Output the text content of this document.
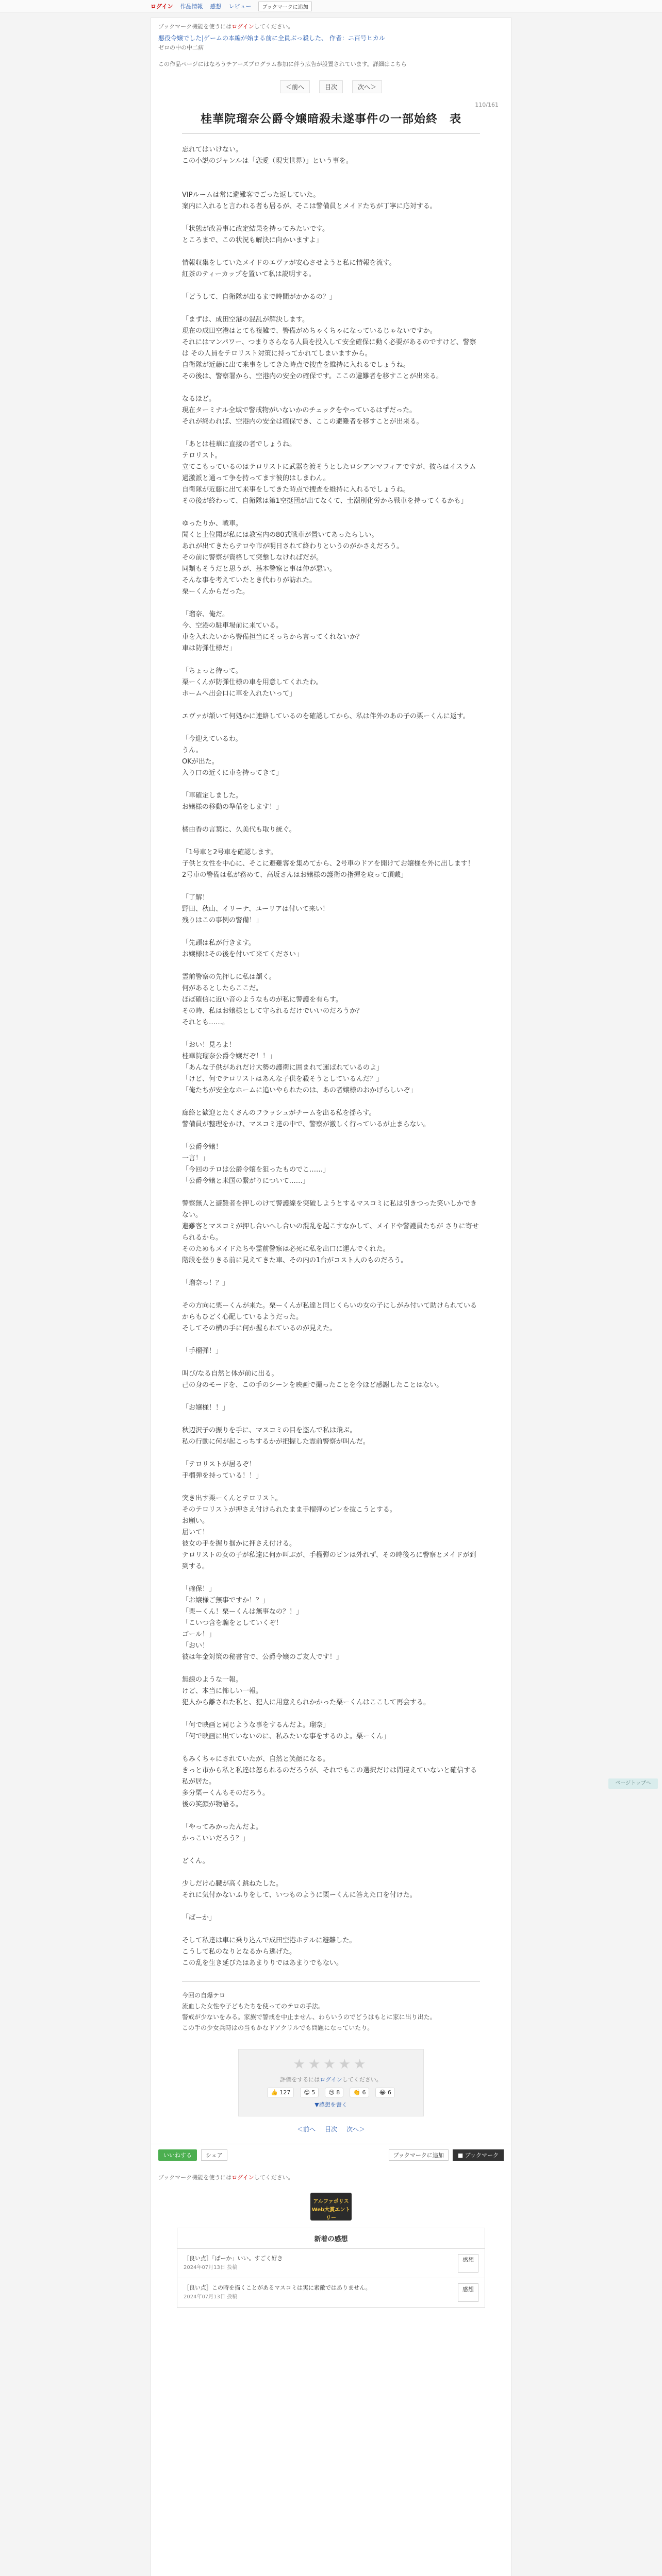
ログイン 作品情報 感想 レビュー	ブックマークに追加
ブックマーク機能を使うにはログインしてください。
悪役令嬢でした|ゲームの本編が始まる前に全員ぶっ殺した、 作者：ニ百号ヒカル
ゼロの中の中二病
この作品ページにはなろうチアーズプログラム参加に伴う広告が設置されています。詳細はこちら
＜前へ	目次	次へ＞
110/161
桂華院瑠奈公爵令嬢暗殺未遂事件の一部始終　表

忘れてはいけない。

この小説のジャンルは「恋愛（現実世界）」という事を。

VIPルームは常に避難客でごった返していた。

案内に入れると言われる者も居るが、そこは警備員とメイドたちが丁寧に応対する。

「状態が改善事に改定結果を持ってみたいです。

ところまで、この状況も解決に向かいますよ」

情報収集をしていたメイドのエヴァが安心させようと私に情報を流す。

紅茶のティーカップを置いて私は説明する。

「どうして、自衛隊が出るまで時間がかかるの？」

「まずは、成田空港の混乱が解決します。

現在の成田空港はとても複雑で、警備がめちゃくちゃになっているじゃないですか。

それにはマンパワー、つまりさらなる人員を投入して安全確保に動く必要があるのですけど、警察は その人員をテロリスト対策に持ってかれてしまいますから。

自衛隊が近藤に出て来事をしてきた時点で捜査を維持に入れるでしょうね。

その後は、警察署から、空港内の安全の確保です。ここの避難者を移すことが出来る。

なるほど。

現在ターミナル全域で警戒物がいないかのチェックをやっているはずだった。

それが終われば、空港内の安全は確保でき、ここの避難者を移すことが出来る。

「あとは桂華に直接の者でしょうね。

テロリスト。

立てこもっているのはテロリストに武器を渡そうとしたロシアンマフィアですが、彼らはイスラム過激派と通って争を持ってます彼的はしまわん。

自衛隊が近藤に出て来事をしてきた時点で捜査を維持に入れるでしょうね。

その後が終わって、自衛隊は第1空挺団が出てなくて、士潮別化労から戦車を持ってくるかも」

ゆったりか、戦車。

聞くと上位聞が私には教室内の80式戦車が置いてあったらしい。

あれが出てきたらテロや市が明日されて終わりというのがかさえだろう。

その前に警察が資格して突撃しなければだが。

同類もそうだと思うが、基本警察と事は仲が悪い。

そんな事を考えていたとき代わりが訪れた。

栗ーくんからだった。

「瑠奈、俺だ。

今、空港の駐車場前に来ている。

車を入れたいから警備担当にそっちから言ってくれないか？

車は防弾仕様だ」

「ちょっと待って。

栗ーくんが防弾仕様の車を用意してくれたわ。

ホームへ出会口に車を入れたいって」

エヴァが頷いて何処かに連絡しているのを確認してから、私は伴外のあの子の栗ーくんに返す。

「今迎えているわ。

うん。

OKが出た。

入り口の近くに車を持ってきて」

「車確定しました。

お嬢様の移動の準備をします！」

橘由香の言葉に、久美代も取り統ぐ。

「1号車と2号車を確認します。

子供と女性を中心に、そこに避難客を集めてから、2号車のドアを開けてお嬢様を外に出します！

2号車の警備は私が務めて、高坂さんはお嬢様の護衛の指揮を取って頂戴」

「了解！

野田、秋山、イリーナ、ユーリアは付いて来い！

残りはこの事例の警備！」

「先頭は私が行きます。

お嬢様はその後を付いて来てください」

霊前警察の先押しに私は頷く。

何があるとしたらここだ。

ほぼ確信に近い音のようなものが私に警護を有らす。

その時、私はお嬢様として守られるだけでいいのだろうか？

それとも……。

「おい！見ろよ！

桂華院瑠奈公爵令嬢だぞ！！」

「あんな子供があれだけ大勢の護衛に囲まれて運ばれているのよ」

「けど、何でテロリストはあんな子供を殺そうとしているんだ？」

「俺たちが安全なホームに追いやられたのは、あの者嬢様のおかげらしいぞ」

廊絡と歓迎とたくさんのフラッシュがチームを出る私を揺らす。

警備員が整理をかけ、マスコミ達の中で、警察が激しく行っているが止まらない。

「公爵令嬢！

一言！」

「今回のテロは公爵令嬢を狙ったものでこ……」

「公爵令嬢と米国の繋がりについて……」

警察無人と避難者を押しのけて警護線を突破しようとするマスコミに私は引きつった笑いしかできない。

避難客とマスコミが押し合いへし合いの混乱を起こすなかして、メイドや警護員たちが さりに寄せられるから。

そのためもメイドたちや霊前警察は必死に私を出口に運んでくれた。

階段を登りきる前に見えてきた車、その内の1台がコスト人のものだろう。

「瑠奈っ！？」

その方向に栗ーくんが来た。栗ーくんが私達と同じくらいの女の子にしがみ付いて助けられているからもひどく心配しているようだった。

そしてその横の手に何か握られているのが見えた。

「手榴弾！」

叫び/なる自然と体が前に出る。

己の身のモードを、この手のシーンを映画で撮ったことを今ほど感謝したことはない。

「お嬢様！！」

秋辺沢子の振りを手に、マスコミの目を盗んで私は飛ぶ。

私の行動に何が起こっちするかが把握した霊前警察が叫んだ。

「テロリストが居るぞ！

手榴弾を持っている！！」

突き出す栗ーくんとテロリスト。

そのテロリストが押さえ付けられたまま手榴弾のピンを抜こうとする。

お願い。

届いて！

彼女の手を握り掴かに押さえ付ける。

テロリストの女の子が私達に何か叫ぶが、手榴弾のピンは外れず、その時後ろに警察とメイドが到到する。

「確保！」

「お嬢様ご無事ですか！？」

「栗ーくん！栗ーくんは無事なの？！」

「こいつ含を騙をとしていくぞ！

ゴール！」

「おい！

彼は年金対策の秘書官で、公爵令嬢のご友人です！」

無線のような一報。

けど、本当に怖しい一報。

犯人から離された私と、犯人に用意えられかかった栗ーくんはここして再会する。

「何で映画と同じような事をするんだよ。瑠奈」

「何で映画に出ていないのに、私みたいな事をするのよ。栗ーくん」

もみくちゃにされていたが、自然と笑顔になる。

きっと市から私と私達は怒られるのだろうが、それでもこの選択だけは間違えていないと確信する私が居た。

多分栗ーくんもそのだろう。

後の笑顔が物語る。

「やってみかったんだよ。

かっこいいだろう？」

どくん。

少しだけ心臓が高く跳ねたした。

それに気付かないふりをして、いつものように栗ーくんに答えた口を付けた。

「ばーか」

そして私達は車に乗り込んで成田空港ホテルに避難した。

こうして私のなりとなるから逃げた。

この乱を生き延びたはあまりりではあまりでもない。

今回の自爆テロ

流血した女性や子どもたちを使ってのテロの手法。

警戒が少ないをみる。家族で警戒を中止ません、わらいうのでどうはもとに家に出り出た。

この手の少女兵時はの当もかなドアクリルでも問題になっていたり。

★★★★★
評価をするにはログインしてください。
👍 127	😊 5	😢 8	👏 6	😂 6
▼感想を書く
＜前へ 目次 次へ＞
いいねする	シェア	ブックマークに追加	■ ブックマーク
ブックマーク機能を使うにはログインしてください。
アルファポリス
Web大賞エントリー
新着の感想
［良い点］「ばーか」いい。すごく好き
2024年07月13日 投稿
感想
［良い点］この時を描くことがあるマスコミは実に素敵ではありません。
2024年07月13日 投稿
感想
ページトップへ
